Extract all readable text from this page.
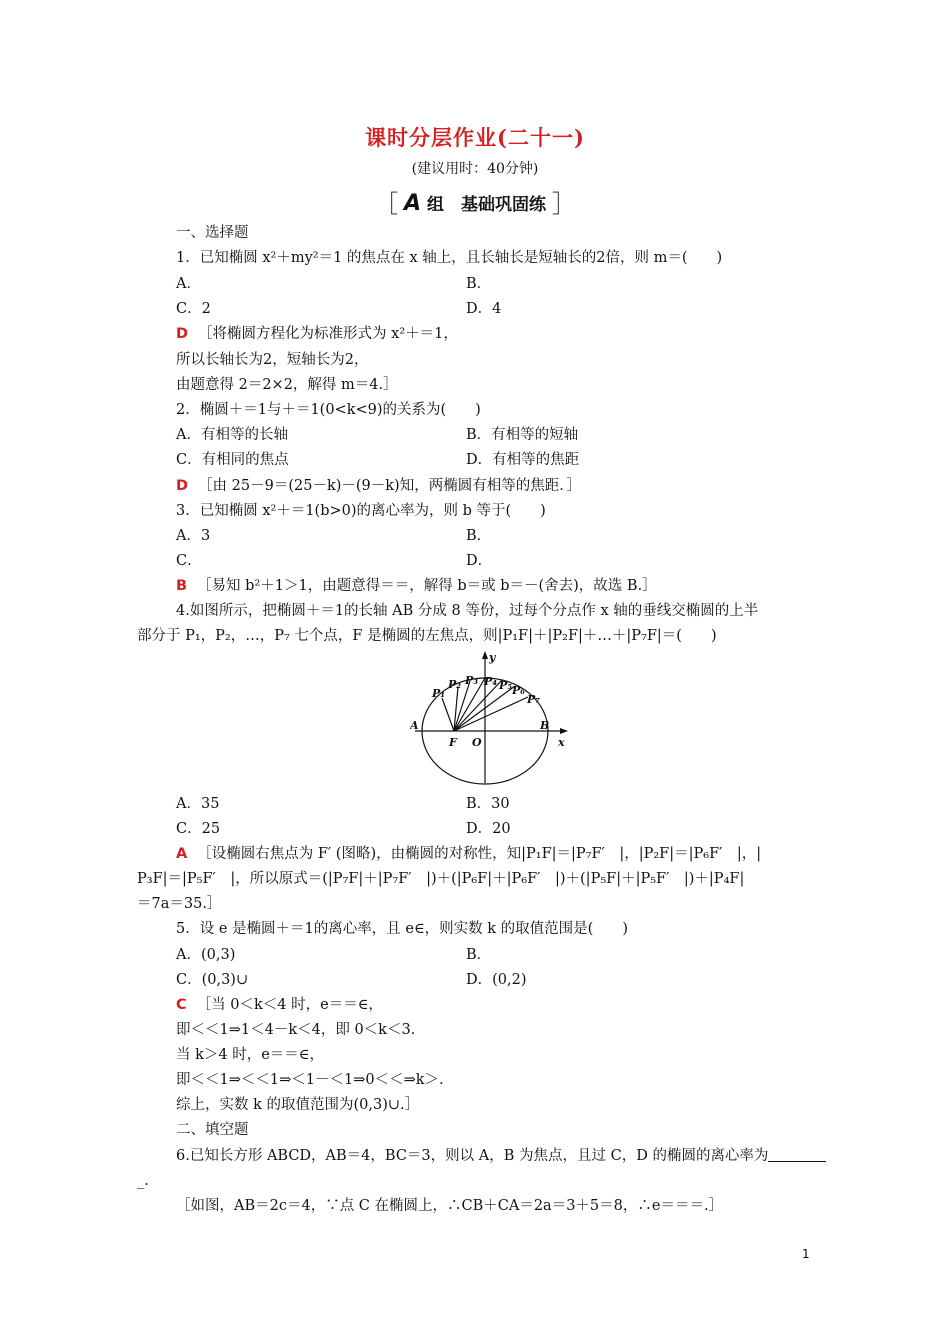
课时分层作业(二十一)
(建议用时：40分钟)
［ A 组　基础巩固练 ］
一、选择题
1．已知椭圆 x²＋my²＝1 的焦点在 x 轴上，且长轴长是短轴长的2倍，则 m＝(　　)
A．	B．
C．2	D．4
D ［将椭圆方程化为标准形式为 x²＋＝1，
所以长轴长为2，短轴长为2，
由题意得 2＝2×2，解得 m＝4.］
2．椭圆＋＝1与＋＝1(0<k<9)的关系为(　　)
A．有相等的长轴	B．有相等的短轴
C．有相同的焦点	D．有相等的焦距
D ［由 25－9＝(25－k)－(9－k)知，两椭圆有相等的焦距．］
3．已知椭圆 x²＋＝1(b>0)的离心率为，则 b 等于(　　)
A．3	B．
C．	D．
B ［易知 b²＋1＞1，由题意得＝＝，解得 b＝或 b＝－(舍去)，故选 B.］
4.如图所示，把椭圆＋＝1的长轴 AB 分成 8 等份，过每个分点作 x 轴的垂线交椭圆的上半
部分于 P₁，P₂，…，P₇ 七个点，F 是椭圆的左焦点，则|P₁F|＋|P₂F|＋…＋|P₇F|＝(　　)
y
x
A	B
F O
P₁
P₂ P₃ P₄ P₅ P₆
P₇
A．35	B．30
C．25	D．20
A ［设椭圆右焦点为 F′ (图略)，由椭圆的对称性，知|P₁F|＝|P₇F′　|，|P₂F|＝|P₆F′　|，|
P₃F|＝|P₅F′　|，所以原式＝(|P₇F|＋|P₇F′　|)＋(|P₆F|＋|P₆F′　|)＋(|P₅F|＋|P₅F′　|)＋|P₄F|
＝7a＝35.］
5．设 e 是椭圆＋＝1的离心率，且 e∈，则实数 k 的取值范围是(　　)
A．(0,3)	B．
C．(0,3)∪	D．(0,2)
C ［当 0＜k＜4 时，e＝＝∈，
即＜＜1⇒1＜4－k＜4，即 0＜k＜3.
当 k＞4 时，e＝＝∈，
即＜＜1⇒＜＜1⇒＜1－＜1⇒0＜＜⇒k＞.
综上，实数 k 的取值范围为(0,3)∪.］
二、填空题
6.已知长方形 ABCD，AB＝4，BC＝3，则以 A，B 为焦点，且过 C，D 的椭圆的离心率为
_.
［如图，AB＝2c＝4，∵点 C 在椭圆上，∴CB＋CA＝2a＝3＋5＝8，∴e＝＝＝.］
1
